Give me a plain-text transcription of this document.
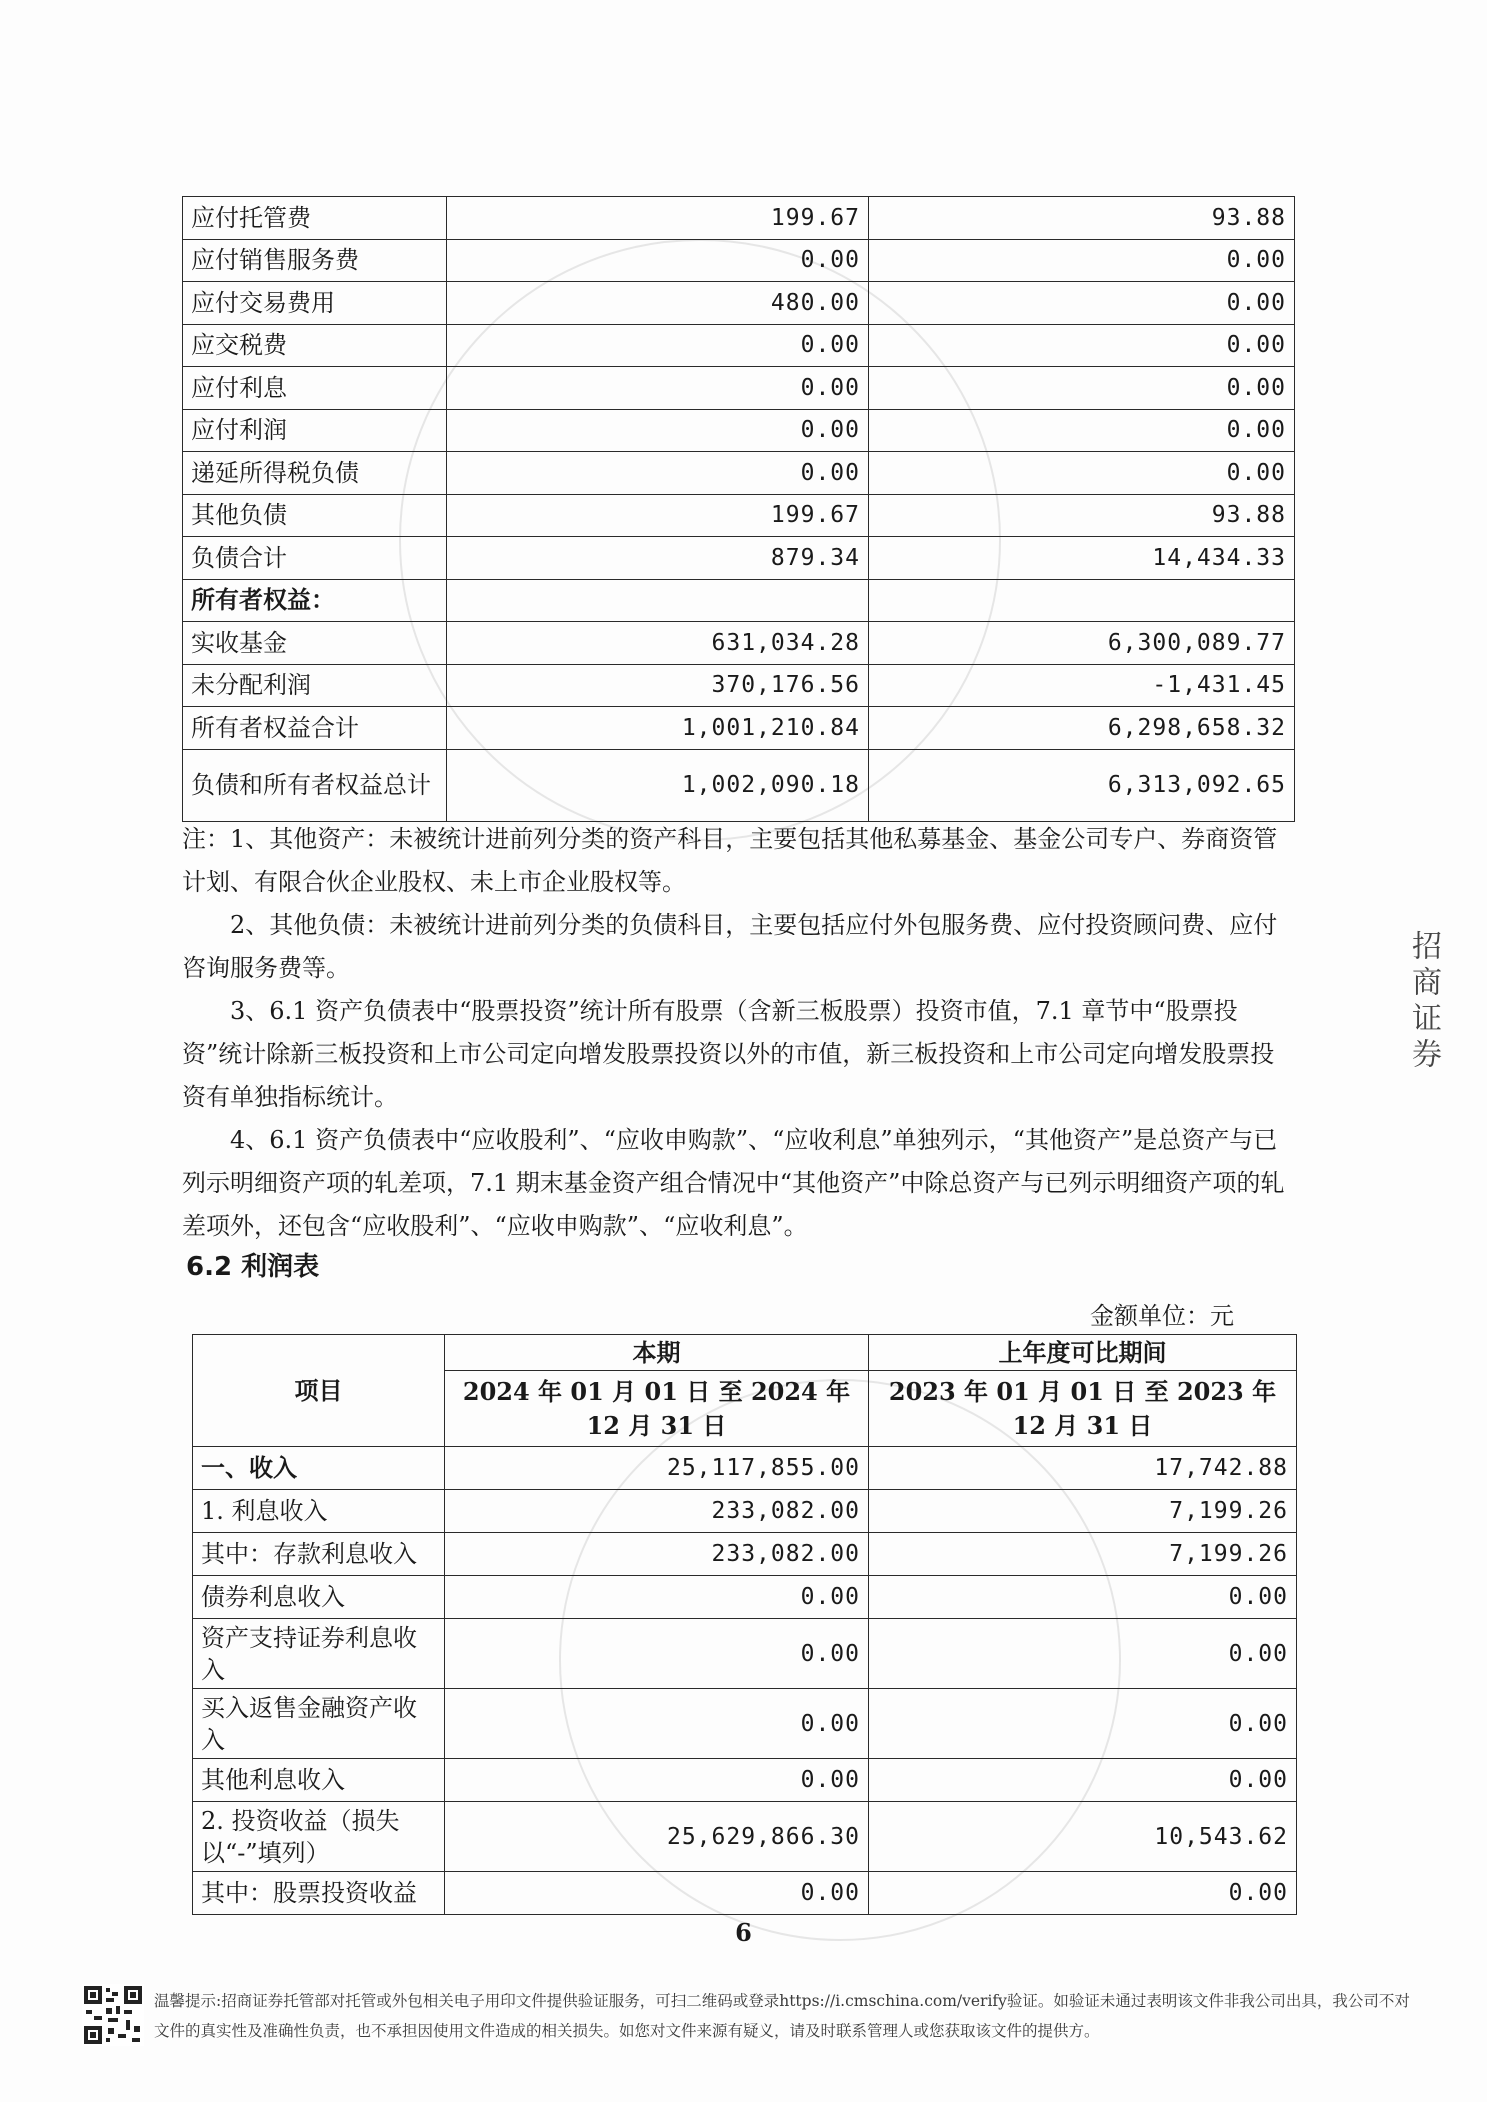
应付托管费	199.67	93.88
应付销售服务费	0.00	0.00
应付交易费用	480.00	0.00
应交税费	0.00	0.00
应付利息	0.00	0.00
应付利润	0.00	0.00
递延所得税负债	0.00	0.00
其他负债	199.67	93.88
负债合计	879.34	14,434.33
所有者权益：		
实收基金	631,034.28	6,300,089.77
未分配利润	370,176.56	-1,431.45
所有者权益合计	1,001,210.84	6,298,658.32
负债和所有者权益总计	1,002,090.18	6,313,092.65

注：1、其他资产：未被统计进前列分类的资产科目，主要包括其他私募基金、基金公司专户、券商资管计划、有限合伙企业股权、未上市企业股权等。

2、其他负债：未被统计进前列分类的负债科目，主要包括应付外包服务费、应付投资顾问费、应付咨询服务费等。

3、6.1 资产负债表中“股票投资”统计所有股票（含新三板股票）投资市值，7.1 章节中“股票投资”统计除新三板投资和上市公司定向增发股票投资以外的市值，新三板投资和上市公司定向增发股票投资有单独指标统计。

4、6.1 资产负债表中“应收股利”、“应收申购款”、“应收利息”单独列示，“其他资产”是总资产与已列示明细资产项的轧差项，7.1 期末基金资产组合情况中“其他资产”中除总资产与已列示明细资产项的轧差项外，还包含“应收股利”、“应收申购款”、“应收利息”。

6.2 利润表
金额单位：元
项目	本期	上年度可比期间
	2024 年 01 月 01 日 至 2024 年 12 月 31 日	2023 年 01 月 01 日 至 2023 年 12 月 31 日
一、收入	25,117,855.00	17,742.88
1. 利息收入	233,082.00	7,199.26
其中：存款利息收入	233,082.00	7,199.26
债券利息收入	0.00	0.00
资产支持证券利息收入	0.00	0.00
买入返售金融资产收入	0.00	0.00
其他利息收入	0.00	0.00
2. 投资收益（损失以“-”填列）	25,629,866.30	10,543.62
其中：股票投资收益	0.00	0.00
6
温馨提示:招商证券托管部对托管或外包相关电子用印文件提供验证服务，可扫二维码或登录https://i.cmschina.com/verify验证。如验证未通过表明该文件非我公司出具，我公司不对文件的真实性及准确性负责，也不承担因使用文件造成的相关损失。如您对文件来源有疑义，请及时联系管理人或您获取该文件的提供方。
招商证券
